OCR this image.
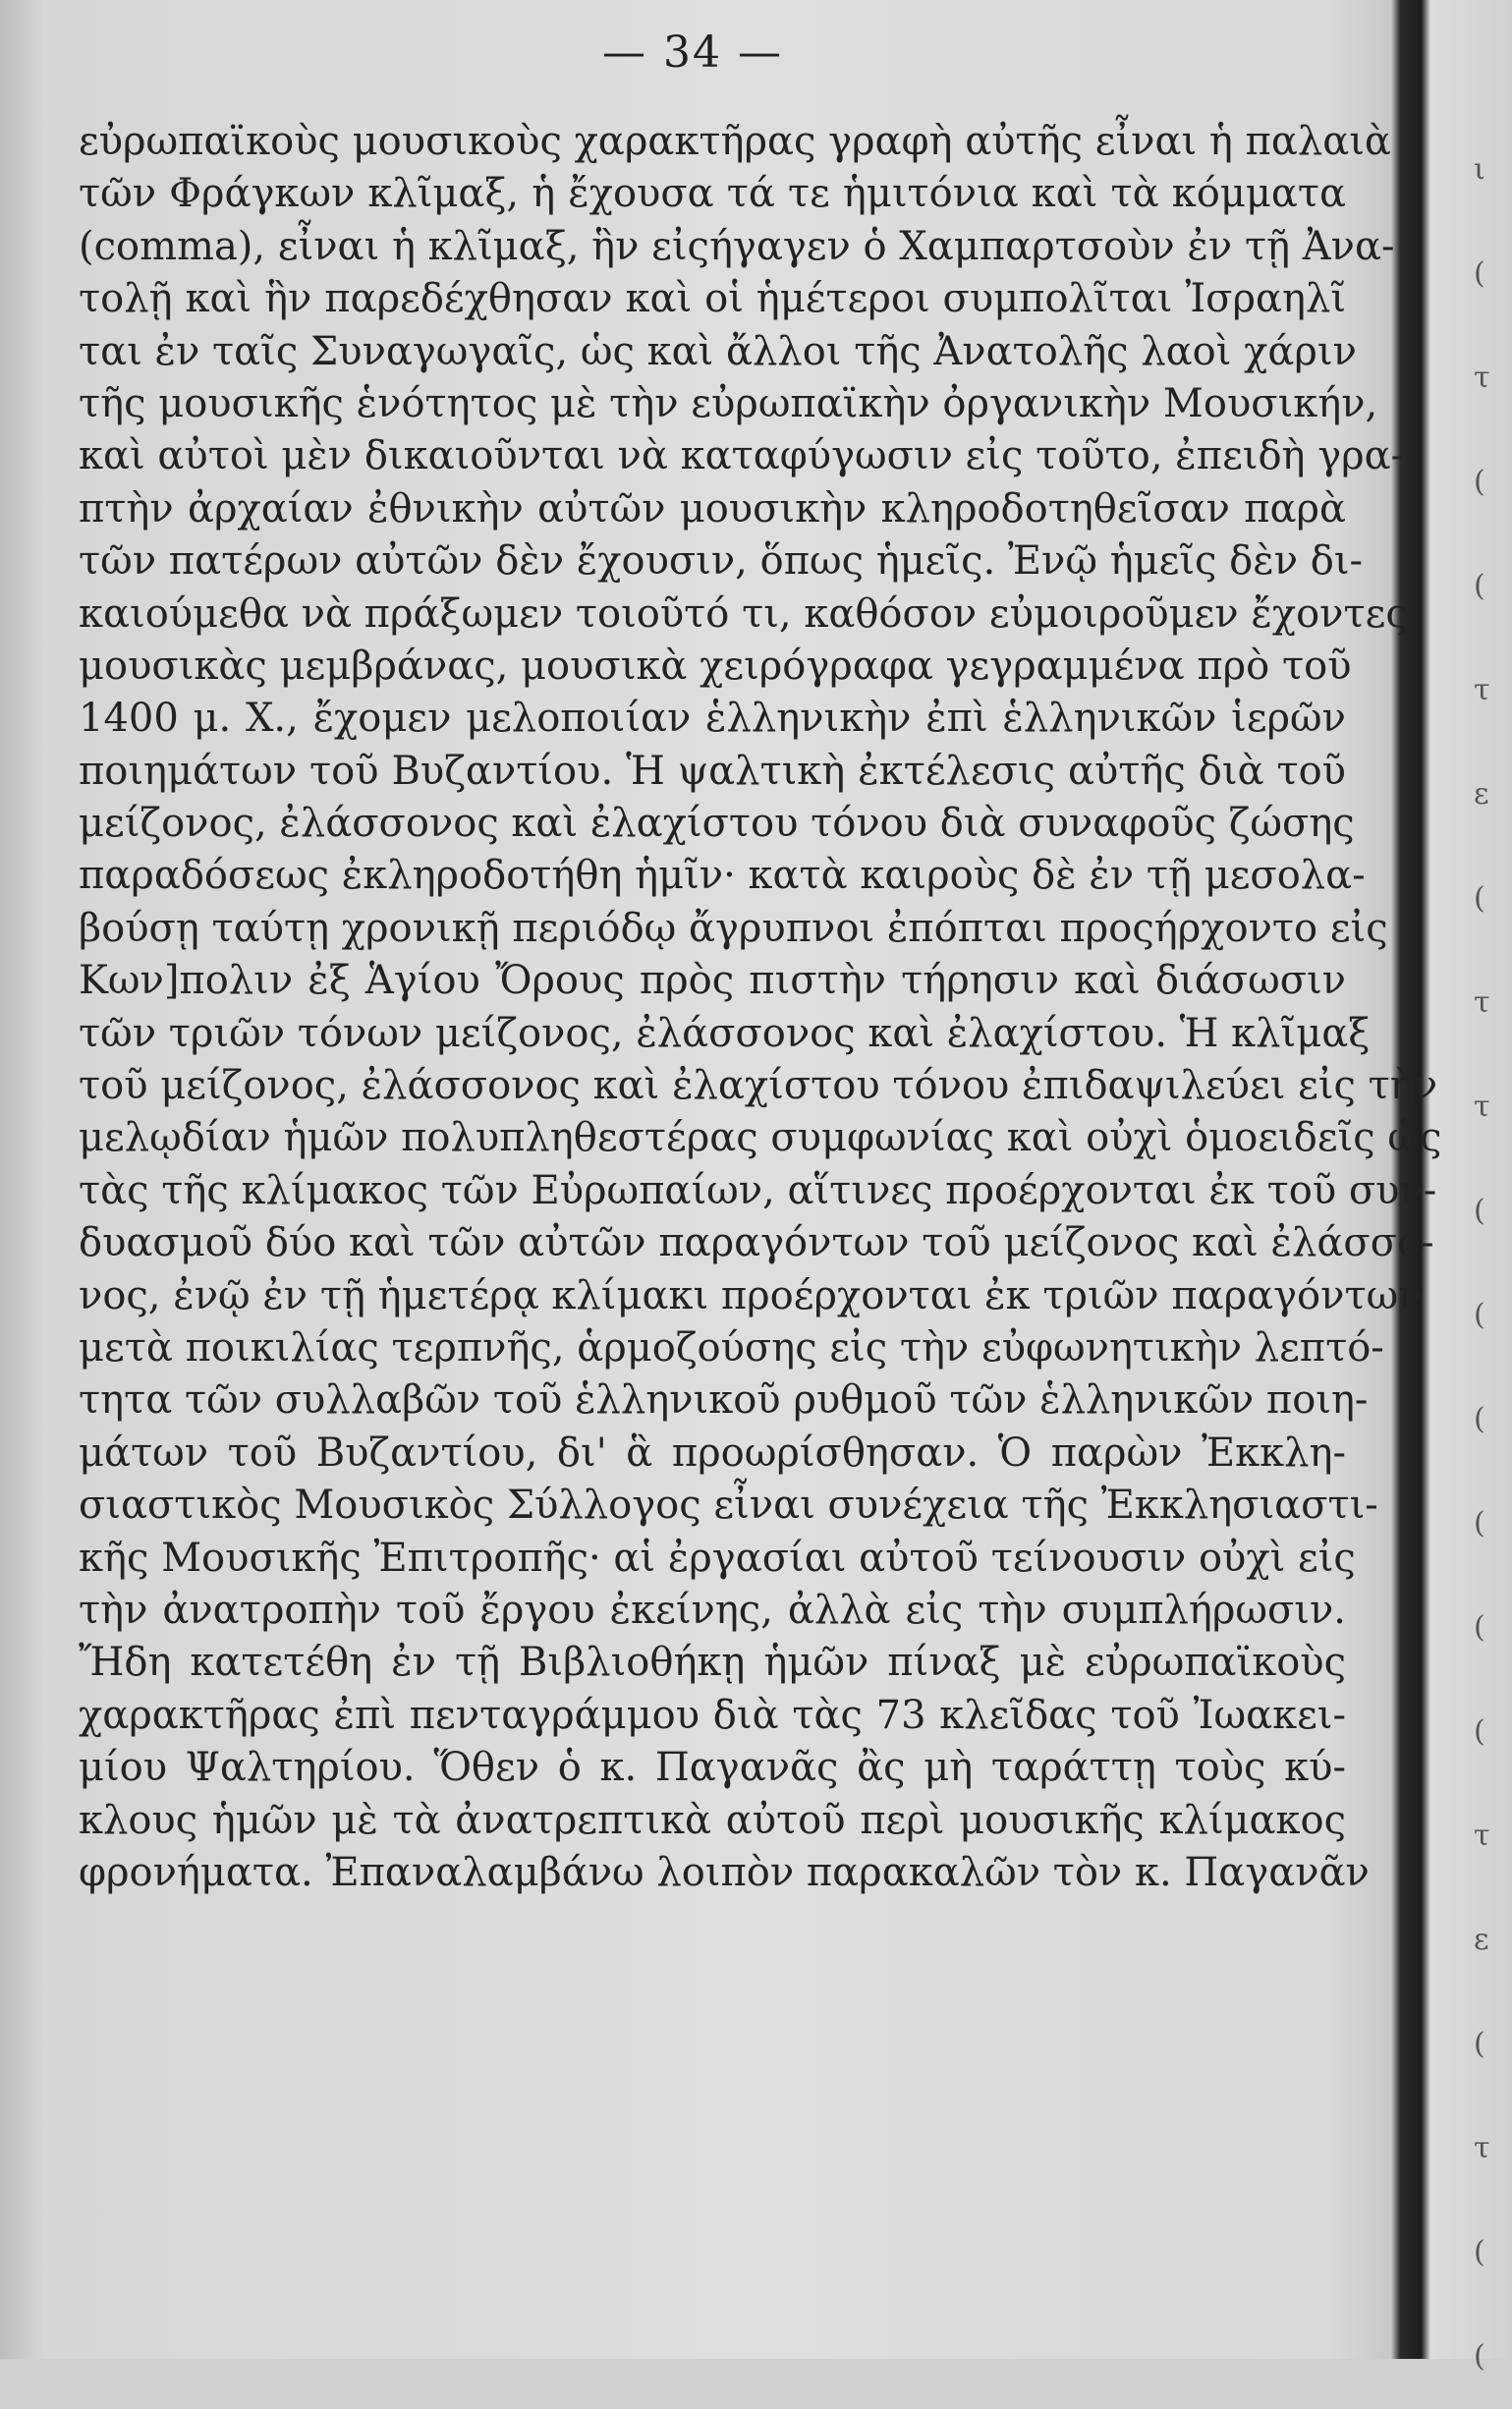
— 34 —
εὐρωπαϊκοὺς μουσικοὺς χαρακτῆρας γραφὴ αὐτῆς εἶναι ἡ παλαιὰ
τῶν Φράγκων κλῖμαξ, ἡ ἔχουσα τά τε ἡμιτόνια καὶ τὰ κόμματα
(comma), εἶναι ἡ κλῖμαξ, ἣν εἰςήγαγεν ὁ Χαμπαρτσοὺν ἐν τῇ Ἀνα-
τολῇ καὶ ἣν παρεδέχθησαν καὶ οἱ ἡμέτεροι συμπολῖται Ἰσραηλῖ
ται ἐν ταῖς Συναγωγαῖς, ὡς καὶ ἄλλοι τῆς Ἀνατολῆς λαοὶ χάριν
τῆς μουσικῆς ἑνότητος μὲ τὴν εὐρωπαϊκὴν ὀργανικὴν Μουσικήν,
καὶ αὐτοὶ μὲν δικαιοῦνται νὰ καταφύγωσιν εἰς τοῦτο, ἐπειδὴ γρα-
πτὴν ἀρχαίαν ἐθνικὴν αὐτῶν μουσικὴν κληροδοτηθεῖσαν παρὰ
τῶν πατέρων αὐτῶν δὲν ἔχουσιν, ὅπως ἡμεῖς. Ἐνῷ ἡμεῖς δὲν δι-
καιούμεθα νὰ πράξωμεν τοιοῦτό τι, καθόσον εὐμοιροῦμεν ἔχοντες
μουσικὰς μεμβράνας, μουσικὰ χειρόγραφα γεγραμμένα πρὸ τοῦ
1400 μ. Χ., ἔχομεν μελοποιίαν ἑλληνικὴν ἐπὶ ἑλληνικῶν ἱερῶν
ποιημάτων τοῦ Βυζαντίου. Ἡ ψαλτικὴ ἐκτέλεσις αὐτῆς διὰ τοῦ
μείζονος, ἐλάσσονος καὶ ἐλαχίστου τόνου διὰ συναφοῦς ζώσης
παραδόσεως ἐκληροδοτήθη ἡμῖν· κατὰ καιροὺς δὲ ἐν τῇ μεσολα-
βούσῃ ταύτῃ χρονικῇ περιόδῳ ἄγρυπνοι ἐπόπται προςήρχοντο εἰς
Κων]πολιν ἐξ Ἁγίου Ὄρους πρὸς πιστὴν τήρησιν καὶ διάσωσιν
τῶν τριῶν τόνων μείζονος, ἐλάσσονος καὶ ἐλαχίστου. Ἡ κλῖμαξ
τοῦ μείζονος, ἐλάσσονος καὶ ἐλαχίστου τόνου ἐπιδαψιλεύει εἰς τὴν
μελῳδίαν ἡμῶν πολυπληθεστέρας συμφωνίας καὶ οὐχὶ ὁμοειδεῖς ὡς
τὰς τῆς κλίμακος τῶν Εὐρωπαίων, αἵτινες προέρχονται ἐκ τοῦ συν-
δυασμοῦ δύο καὶ τῶν αὐτῶν παραγόντων τοῦ μείζονος καὶ ἐλάσσο-
νος, ἐνῷ ἐν τῇ ἡμετέρᾳ κλίμακι προέρχονται ἐκ τριῶν παραγόντων
μετὰ ποικιλίας τερπνῆς, ἁρμοζούσης εἰς τὴν εὐφωνητικὴν λεπτό-
τητα τῶν συλλαβῶν τοῦ ἑλληνικοῦ ρυθμοῦ τῶν ἑλληνικῶν ποιη-
μάτων τοῦ Βυζαντίου, δι' ἃ προωρίσθησαν. Ὁ παρὼν Ἐκκλη-
σιαστικὸς Μουσικὸς Σύλλογος εἶναι συνέχεια τῆς Ἐκκλησιαστι-
κῆς Μουσικῆς Ἐπιτροπῆς· αἱ ἐργασίαι αὐτοῦ τείνουσιν οὐχὶ εἰς
τὴν ἀνατροπὴν τοῦ ἔργου ἐκείνης, ἀλλὰ εἰς τὴν συμπλήρωσιν.
Ἤδη κατετέθη ἐν τῇ Βιβλιοθήκῃ ἡμῶν πίναξ μὲ εὐρωπαϊκοὺς
χαρακτῆρας ἐπὶ πενταγράμμου διὰ τὰς 73 κλεῖδας τοῦ Ἰωακει-
μίου Ψαλτηρίου. Ὅθεν ὁ κ. Παγανᾶς ἂς μὴ ταράττῃ τοὺς κύ-
κλους ἡμῶν μὲ τὰ ἀνατρεπτικὰ αὐτοῦ περὶ μουσικῆς κλίμακος
φρονήματα. Ἐπαναλαμβάνω λοιπὸν παρακαλῶν τὸν κ. Παγανᾶν
ι
(
τ
(
(
τ
ε
(
τ
τ
(
(
(
(
(
(
τ
ε
(
τ
(
(
